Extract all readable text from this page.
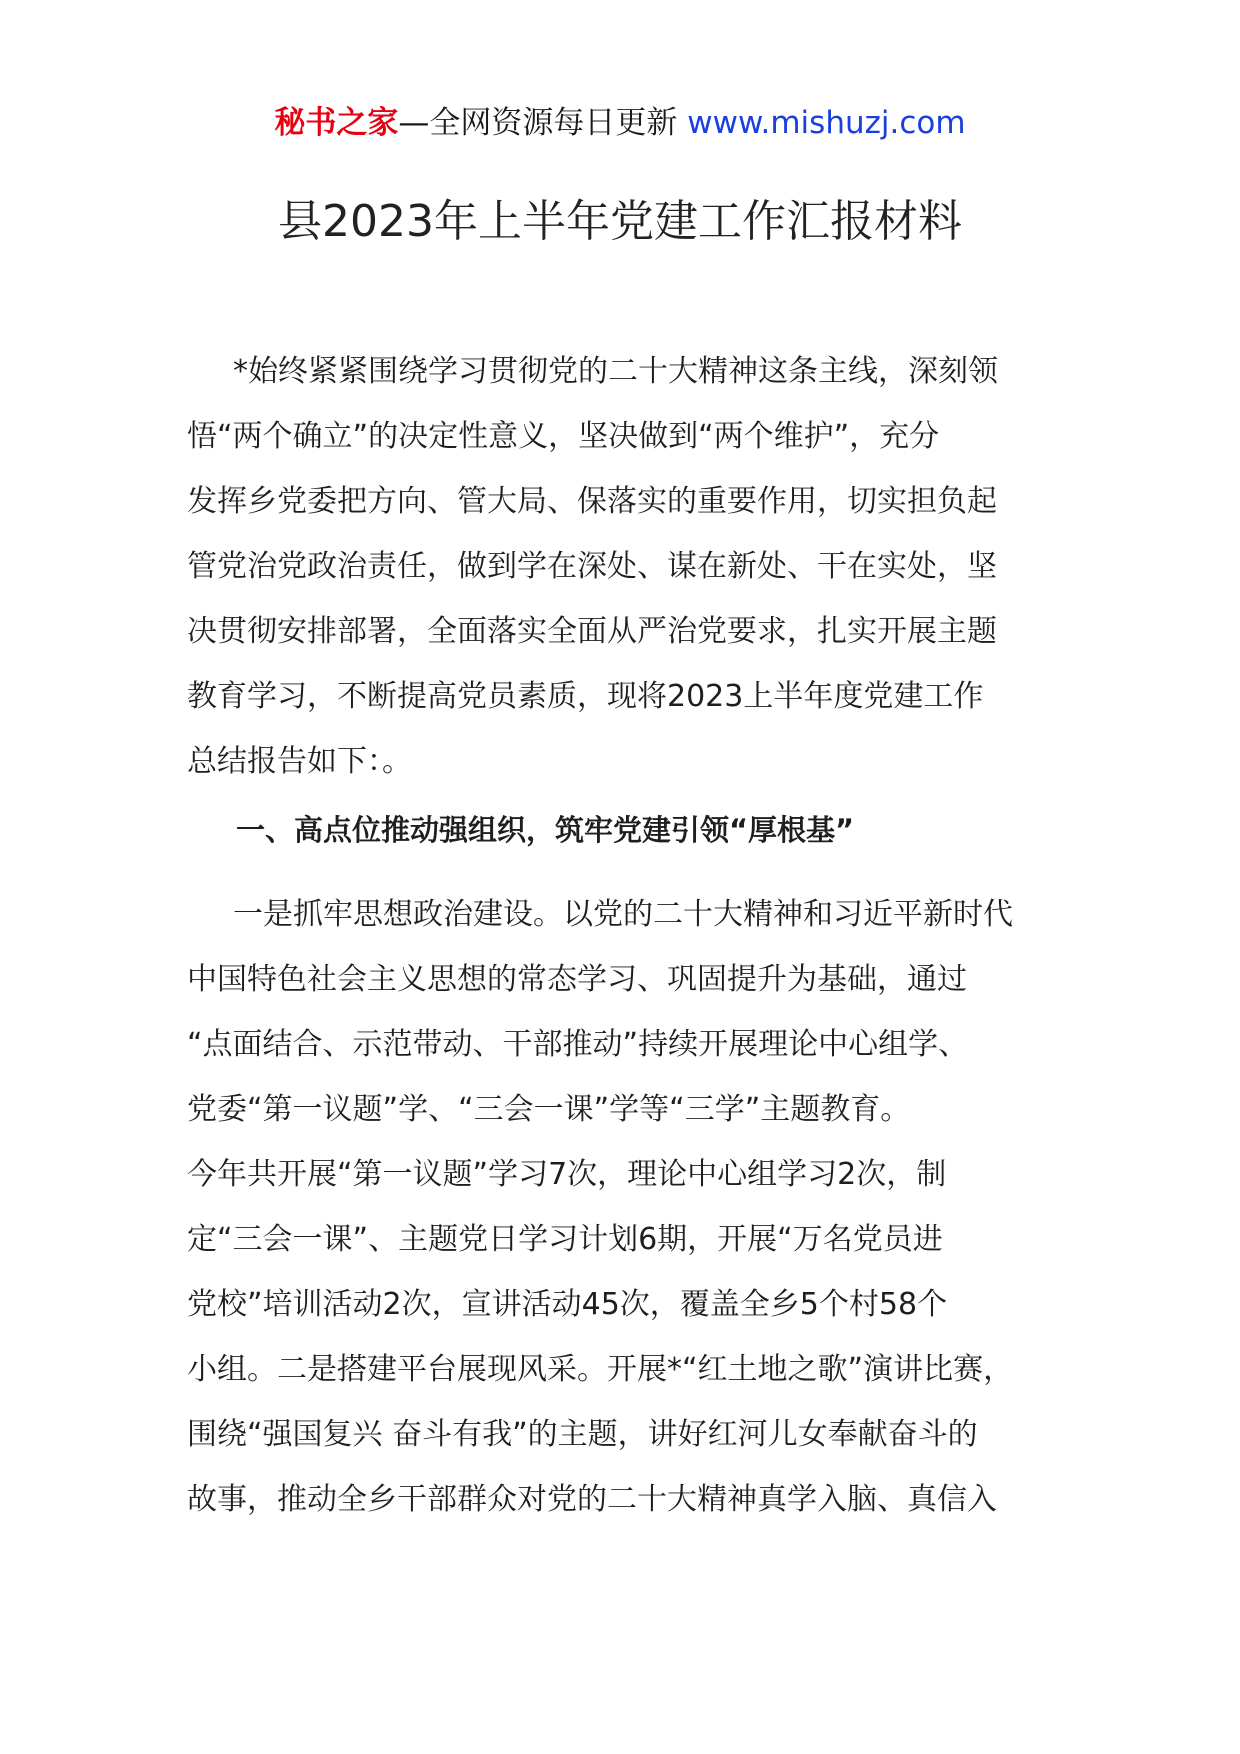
秘书之家—全网资源每日更新 www.mishuzj.com
县2023年上半年党建工作汇报材料
*始终紧紧围绕学习贯彻党的二十大精神这条主线，深刻领
悟“两个确立”的决定性意义，坚决做到“两个维护”，充分
发挥乡党委把方向、管大局、保落实的重要作用，切实担负起
管党治党政治责任，做到学在深处、谋在新处、干在实处，坚
决贯彻安排部署，全面落实全面从严治党要求，扎实开展主题
教育学习，不断提高党员素质，现将2023上半年度党建工作
总结报告如下：。
一、高点位推动强组织，筑牢党建引领“厚根基”
一是抓牢思想政治建设。以党的二十大精神和习近平新时代
中国特色社会主义思想的常态学习、巩固提升为基础，通过
“点面结合、示范带动、干部推动”持续开展理论中心组学、
党委“第一议题”学、“三会一课”学等“三学”主题教育。
今年共开展“第一议题”学习7次，理论中心组学习2次，制
定“三会一课”、主题党日学习计划6期，开展“万名党员进
党校”培训活动2次，宣讲活动45次，覆盖全乡5个村58个
小组。二是搭建平台展现风采。开展*“红土地之歌”演讲比赛，
围绕“强国复兴 奋斗有我”的主题，讲好红河儿女奉献奋斗的
故事，推动全乡干部群众对党的二十大精神真学入脑、真信入
